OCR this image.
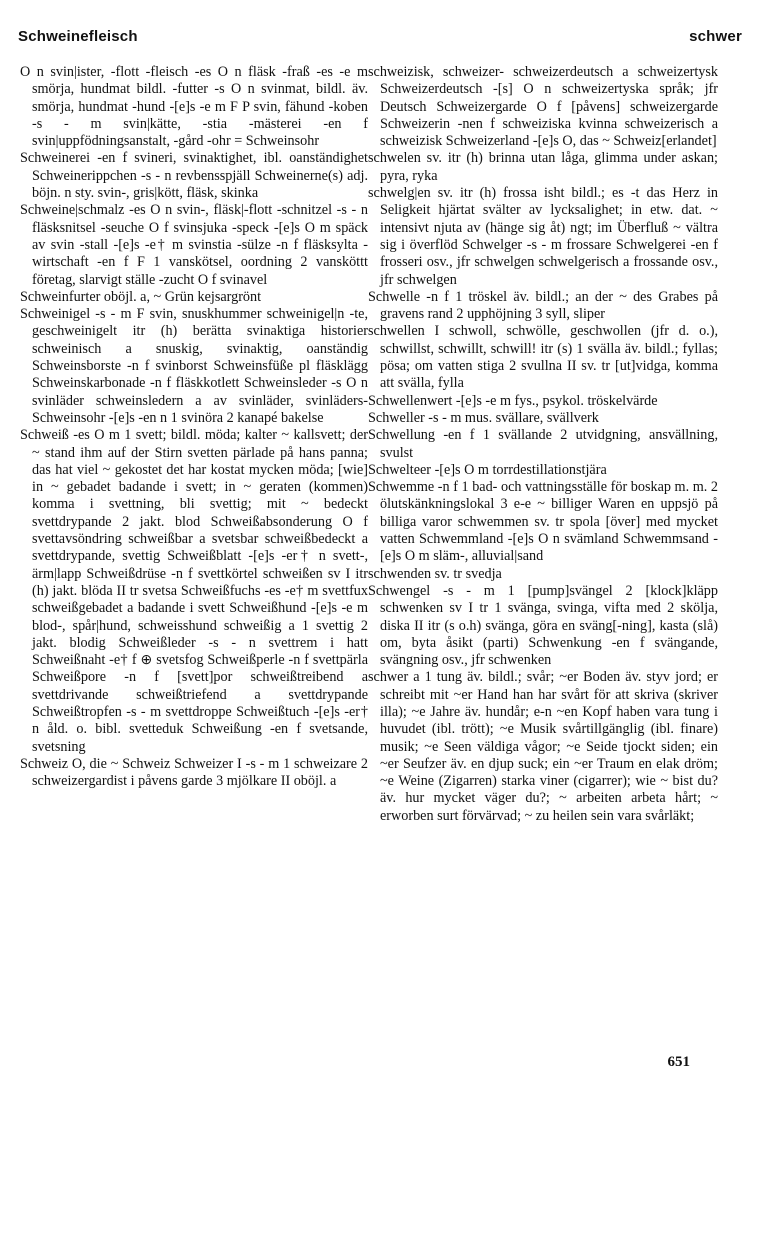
Schweinefleisch	schwer

O n svin|ister, -flott -fleisch -es O n fläsk -fraß -es -e m smörja, hundmat bildl. -futter -s O n svinmat, bildl. äv. smörja, hundmat -hund -[e]s -e m F P svin, fähund -koben -s - m svin|kätte, -stia -mästerei -en f svin|uppfödningsanstalt, -gård -ohr = Schweinsohr

Schweinerei -en f svineri, svinaktighet, ibl. oanständighet Schweinerippchen -s - n revbensspjäll Schweinerne(s) adj. böjn. n sty. svin-, gris|kött, fläsk, skinka

Schweine|schmalz -es O n svin-, fläsk|-flott -schnitzel -s - n fläsksnitsel -seuche O f svinsjuka -speck -[e]s O m späck av svin -stall -[e]s -e† m svinstia -sülze -n f fläsksylta -wirtschaft -en f F 1 vanskötsel, oordning 2 vansköttt företag, slarvigt ställe -zucht O f svinavel

Schweinfurter oböjl. a, ~ Grün kejsargrönt

Schweinigel -s - m F svin, snuskhummer schweinigel|n -te, geschweinigelt itr (h) berätta svinaktiga historier schweinisch a snuskig, svinaktig, oanständig Schweinsborste -n f svinborst Schweinsfüße pl fläsklägg Schweinskarbonade -n f fläskkotlett Schweinsleder -s O n svinläder schweinsledern a av svinläder, svinläders- Schweinsohr -[e]s -en n 1 svinöra 2 kanapé bakelse

Schweiß -es O m 1 svett; bildl. möda; kalter ~ kallsvett; der ~ stand ihm auf der Stirn svetten pärlade på hans panna; das hat viel ~ gekostet det har kostat mycken möda; [wie] in ~ gebadet badande i svett; in ~ geraten (kommen) komma i svettning, bli svettig; mit ~ bedeckt svettdrypande 2 jakt. blod Schweißabsonderung O f svettavsöndring schweißbar a svetsbar schweißbedeckt a svettdrypande, svettig Schweißblatt -[e]s -er† n svett-, ärm|lapp Schweißdrüse -n f svettkörtel schweißen sv I itr (h) jakt. blöda II tr svetsa Schweißfuchs -es -e† m svettfux schweißgebadet a badande i svett Schweißhund -[e]s -e m blod-, spår|hund, schweisshund schweißig a 1 svettig 2 jakt. blodig Schweißleder -s - n svettrem i hatt Schweißnaht -e† f ⊕ svetsfog Schweißperle -n f svettpärla Schweißpore -n f [svett]por schweißtreibend a svettdrivande schweißtriefend a svettdrypande Schweißtropfen -s - m svettdroppe Schweißtuch -[e]s -er† n åld. o. bibl. svetteduk Schweißung -en f svetsande, svetsning

Schweiz O, die ~ Schweiz Schweizer I -s - m 1 schweizare 2 schweizergardist i påvens garde 3 mjölkare II oböjl. a

schweizisk, schweizer- schweizerdeutsch a schweizertysk Schweizerdeutsch -[s] O n schweizertyska språk; jfr Deutsch Schweizergarde O f [påvens] schweizergarde Schweizerin -nen f schweiziska kvinna schweizerisch a schweizisk Schweizerland -[e]s O, das ~ Schweiz[erlandet]

schwelen sv. itr (h) brinna utan låga, glimma under askan; pyra, ryka

schwelg|en sv. itr (h) frossa isht bildl.; es -t das Herz in Seligkeit hjärtat svälter av lycksalighet; in etw. dat. ~ intensivt njuta av (hänge sig åt) ngt; im Überfluß ~ vältra sig i överflöd Schwelger -s - m frossare Schwelgerei -en f frosseri osv., jfr schwelgen schwelgerisch a frossande osv., jfr schwelgen

Schwelle -n f 1 tröskel äv. bildl.; an der ~ des Grabes på gravens rand 2 upphöjning 3 syll, sliper

schwellen I schwoll, schwölle, geschwollen (jfr d. o.), schwillst, schwillt, schwill! itr (s) 1 svälla äv. bildl.; fyllas; pösa; om vatten stiga 2 svullna II sv. tr [ut]vidga, komma att svälla, fylla

Schwellenwert -[e]s -e m fys., psykol. tröskelvärde

Schweller -s - m mus. svällare, svällverk

Schwellung -en f 1 svällande 2 utvidgning, ansvällning, svulst

Schwelteer -[e]s O m torrdestillationstjära

Schwemme -n f 1 bad- och vattningsställe för boskap m. m. 2 ölutskänkningslokal 3 e-e ~ billiger Waren en uppsjö på billiga varor schwemmen sv. tr spola [över] med mycket vatten Schwemmland -[e]s O n svämland Schwemmsand -[e]s O m släm-, alluvial|sand

schwenden sv. tr svedja

Schwengel -s - m 1 [pump]svängel 2 [klock]kläpp schwenken sv I tr 1 svänga, svinga, vifta med 2 skölja, diska II itr (s o.h) svänga, göra en sväng[-ning], kasta (slå) om, byta åsikt (parti) Schwenkung -en f svängande, svängning osv., jfr schwenken

schwer a 1 tung äv. bildl.; svår; ~er Boden äv. styv jord; er schreibt mit ~er Hand han har svårt för att skriva (skriver illa); ~e Jahre äv. hundår; e-n ~en Kopf haben vara tung i huvudet (ibl. trött); ~e Musik svårtillgänglig (ibl. finare) musik; ~e Seen väldiga vågor; ~e Seide tjockt siden; ein ~er Seufzer äv. en djup suck; ein ~er Traum en elak dröm; ~e Weine (Zigarren) starka viner (cigarrer); wie ~ bist du? äv. hur mycket väger du?; ~ arbeiten arbeta hårt; ~ erworben surt förvärvad; ~ zu heilen sein vara svårläkt;

651
